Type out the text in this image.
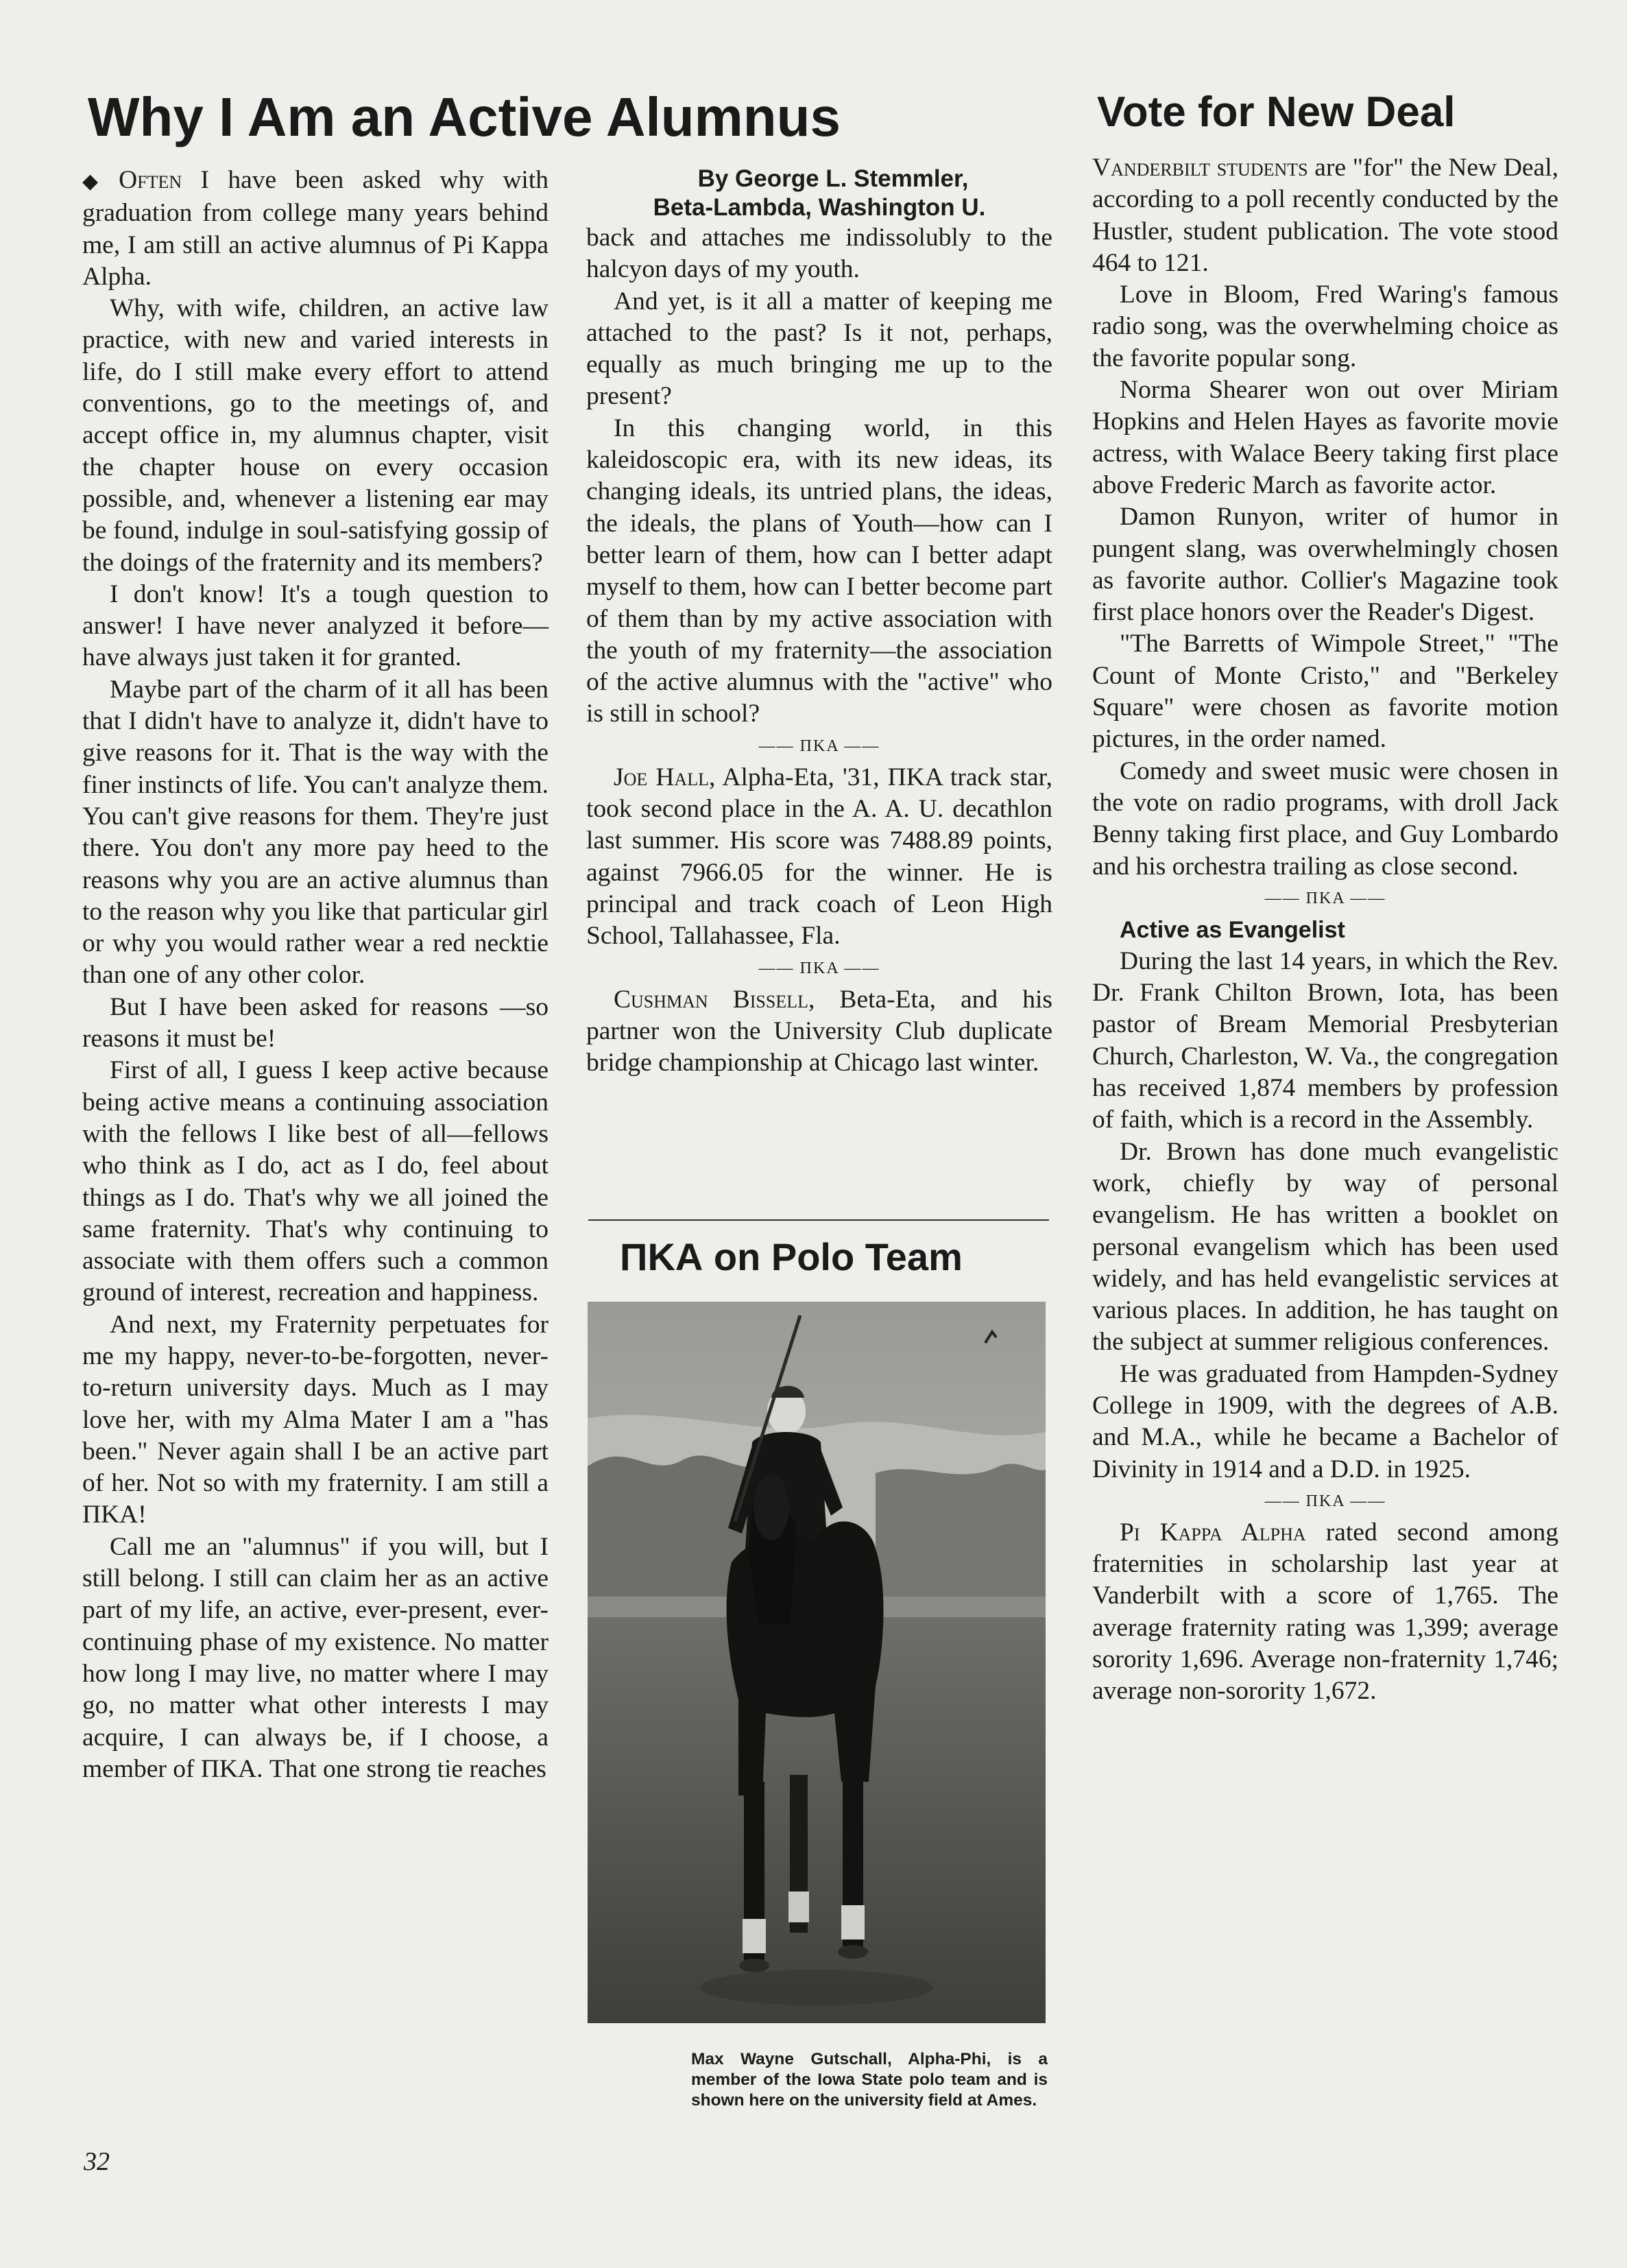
Why I Am an Active Alumnus	Vote for New Deal

◆ Often I have been asked why with graduation from college many years behind me, I am still an active alumnus of Pi Kappa Alpha.

Why, with wife, children, an active law practice, with new and varied interests in life, do I still make every effort to attend conventions, go to the meetings of, and accept office in, my alumnus chapter, visit the chapter house on every occasion possible, and, whenever a listening ear may be found, indulge in soul-satisfying gossip of the doings of the fraternity and its members?

I don't know! It's a tough question to answer! I have never analyzed it before—have always just taken it for granted.

Maybe part of the charm of it all has been that I didn't have to analyze it, didn't have to give reasons for it. That is the way with the finer instincts of life. You can't analyze them. You can't give reasons for them. They're just there. You don't any more pay heed to the reasons why you are an active alumnus than to the reason why you like that particular girl or why you would rather wear a red necktie than one of any other color.

But I have been asked for reasons —so reasons it must be!

First of all, I guess I keep active because being active means a continuing association with the fellows I like best of all—fellows who think as I do, act as I do, feel about things as I do. That's why we all joined the same fraternity. That's why continuing to associate with them offers such a common ground of interest, recreation and happiness.

And next, my Fraternity perpetuates for me my happy, never-to-be-forgotten, never-to-return university days. Much as I may love her, with my Alma Mater I am a "has been." Never again shall I be an active part of her. Not so with my fraternity. I am still a ΠΚΑ!

Call me an "alumnus" if you will, but I still belong. I still can claim her as an active part of my life, an active, ever-present, ever-continuing phase of my existence. No matter how long I may live, no matter where I may go, no matter what other interests I may acquire, I can always be, if I choose, a member of ΠΚΑ. That one strong tie reaches

By George L. Stemmler,
Beta-Lambda, Washington U.

back and attaches me indissolubly to the halcyon days of my youth.

And yet, is it all a matter of keeping me attached to the past? Is it not, perhaps, equally as much bringing me up to the present?

In this changing world, in this kaleidoscopic era, with its new ideas, its changing ideals, its untried plans, the ideas, the ideals, the plans of Youth—how can I better learn of them, how can I better adapt myself to them, how can I better become part of them than by my active association with the youth of my fraternity—the association of the active alumnus with the "active" who is still in school?

—— ΠΚΑ ——

Joe Hall, Alpha-Eta, '31, ΠΚΑ track star, took second place in the A. A. U. decathlon last summer. His score was 7488.89 points, against 7966.05 for the winner. He is principal and track coach of Leon High School, Tallahassee, Fla.

—— ΠΚΑ ——

Cushman Bissell, Beta-Eta, and his partner won the University Club duplicate bridge championship at Chicago last winter.

ΠΚΑ on Polo Team

Max Wayne Gutschall, Alpha-Phi, is a member of the Iowa State polo team and is shown here on the university field at Ames.

Vanderbilt students are "for" the New Deal, according to a poll recently conducted by the Hustler, student publication. The vote stood 464 to 121.

Love in Bloom, Fred Waring's famous radio song, was the overwhelming choice as the favorite popular song.

Norma Shearer won out over Miriam Hopkins and Helen Hayes as favorite movie actress, with Walace Beery taking first place above Frederic March as favorite actor.

Damon Runyon, writer of humor in pungent slang, was overwhelmingly chosen as favorite author. Collier's Magazine took first place honors over the Reader's Digest.

"The Barretts of Wimpole Street," "The Count of Monte Cristo," and "Berkeley Square" were chosen as favorite motion pictures, in the order named.

Comedy and sweet music were chosen in the vote on radio programs, with droll Jack Benny taking first place, and Guy Lombardo and his orchestra trailing as close second.

—— ΠΚΑ ——

Active as Evangelist

During the last 14 years, in which the Rev. Dr. Frank Chilton Brown, Iota, has been pastor of Bream Memorial Presbyterian Church, Charleston, W. Va., the congregation has received 1,874 members by profession of faith, which is a record in the Assembly.

Dr. Brown has done much evangelistic work, chiefly by way of personal evangelism. He has written a booklet on personal evangelism which has been used widely, and has held evangelistic services at various places. In addition, he has taught on the subject at summer religious conferences.

He was graduated from Hampden-Sydney College in 1909, with the degrees of A.B. and M.A., while he became a Bachelor of Divinity in 1914 and a D.D. in 1925.

—— ΠΚΑ ——

Pi Kappa Alpha rated second among fraternities in scholarship last year at Vanderbilt with a score of 1,765. The average fraternity rating was 1,399; average sorority 1,696. Average non-fraternity 1,746; average non-sorority 1,672.

32
